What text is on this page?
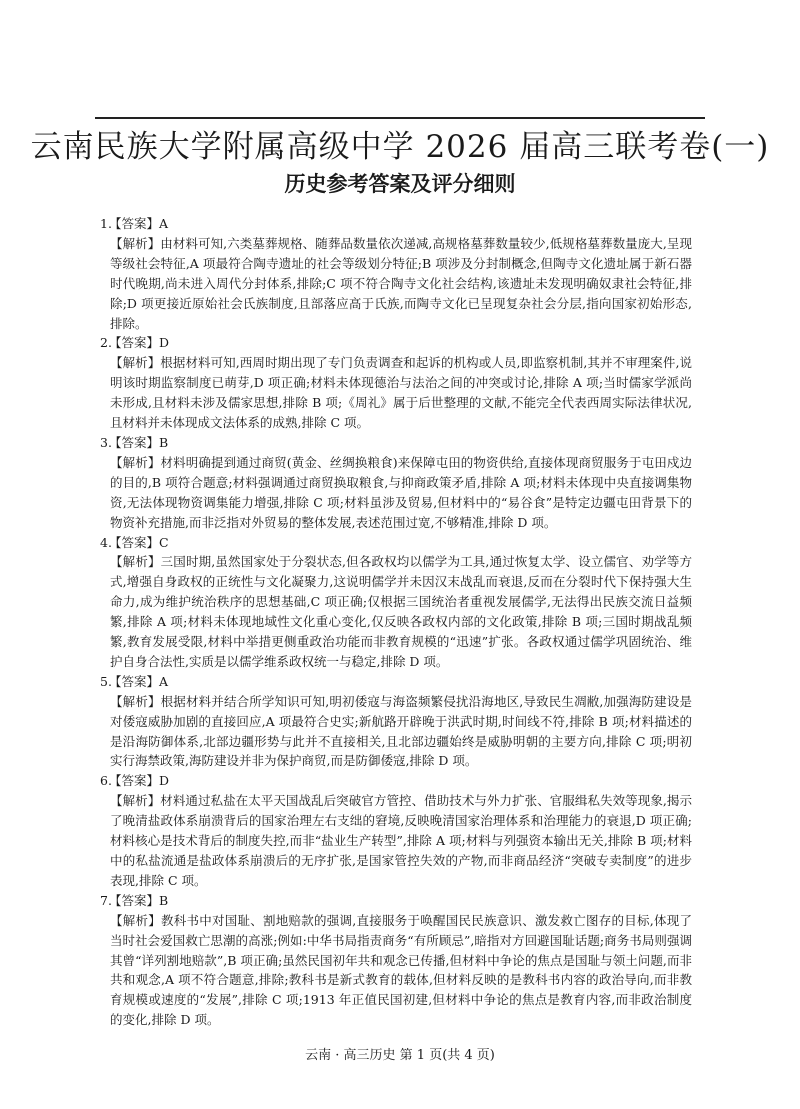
云南民族大学附属高级中学 2026 届高三联考卷(一)
历史参考答案及评分细则

1.【答案】A

【解析】由材料可知,六类墓葬规格、随葬品数量依次递减,高规格墓葬数量较少,低规格墓葬数量庞大,呈现等级社会特征,A 项最符合陶寺遗址的社会等级划分特征;B 项涉及分封制概念,但陶寺文化遗址属于新石器时代晚期,尚未进入周代分封体系,排除;C 项不符合陶寺文化社会结构,该遗址未发现明确奴隶社会特征,排除;D 项更接近原始社会氏族制度,且部落应高于氏族,而陶寺文化已呈现复杂社会分层,指向国家初始形态,排除。

2.【答案】D

【解析】根据材料可知,西周时期出现了专门负责调查和起诉的机构或人员,即监察机制,其并不审理案件,说明该时期监察制度已萌芽,D 项正确;材料未体现德治与法治之间的冲突或讨论,排除 A 项;当时儒家学派尚未形成,且材料未涉及儒家思想,排除 B 项;《周礼》属于后世整理的文献,不能完全代表西周实际法律状况,且材料并未体现成文法体系的成熟,排除 C 项。

3.【答案】B

【解析】材料明确提到通过商贸(黄金、丝绸换粮食)来保障屯田的物资供给,直接体现商贸服务于屯田戍边的目的,B 项符合题意;材料强调通过商贸换取粮食,与抑商政策矛盾,排除 A 项;材料未体现中央直接调集物资,无法体现物资调集能力增强,排除 C 项;材料虽涉及贸易,但材料中的“易谷食”是特定边疆屯田背景下的物资补充措施,而非泛指对外贸易的整体发展,表述范围过宽,不够精准,排除 D 项。

4.【答案】C

【解析】三国时期,虽然国家处于分裂状态,但各政权均以儒学为工具,通过恢复太学、设立儒官、劝学等方式,增强自身政权的正统性与文化凝聚力,这说明儒学并未因汉末战乱而衰退,反而在分裂时代下保持强大生命力,成为维护统治秩序的思想基础,C 项正确;仅根据三国统治者重视发展儒学,无法得出民族交流日益频繁,排除 A 项;材料未体现地域性文化重心变化,仅反映各政权内部的文化政策,排除 B 项;三国时期战乱频繁,教育发展受限,材料中举措更侧重政治功能而非教育规模的“迅速”扩张。各政权通过儒学巩固统治、维护自身合法性,实质是以儒学维系政权统一与稳定,排除 D 项。

5.【答案】A

【解析】根据材料并结合所学知识可知,明初倭寇与海盗频繁侵扰沿海地区,导致民生凋敝,加强海防建设是对倭寇威胁加剧的直接回应,A 项最符合史实;新航路开辟晚于洪武时期,时间线不符,排除 B 项;材料描述的是沿海防御体系,北部边疆形势与此并不直接相关,且北部边疆始终是威胁明朝的主要方向,排除 C 项;明初实行海禁政策,海防建设并非为保护商贸,而是防御倭寇,排除 D 项。

6.【答案】D

【解析】材料通过私盐在太平天国战乱后突破官方管控、借助技术与外力扩张、官服缉私失效等现象,揭示了晚清盐政体系崩溃背后的国家治理左右支绌的窘境,反映晚清国家治理体系和治理能力的衰退,D 项正确;材料核心是技术背后的制度失控,而非“盐业生产转型”,排除 A 项;材料与列强资本输出无关,排除 B 项;材料中的私盐流通是盐政体系崩溃后的无序扩张,是国家管控失效的产物,而非商品经济“突破专卖制度”的进步表现,排除 C 项。

7.【答案】B

【解析】教科书中对国耻、割地赔款的强调,直接服务于唤醒国民民族意识、激发救亡图存的目标,体现了当时社会爱国救亡思潮的高涨;例如:中华书局指责商务“有所顾忌”,暗指对方回避国耻话题;商务书局则强调其曾“详列割地赔款”,B 项正确;虽然民国初年共和观念已传播,但材料中争论的焦点是国耻与领土问题,而非共和观念,A 项不符合题意,排除;教科书是新式教育的载体,但材料反映的是教科书内容的政治导向,而非教育规模或速度的“发展”,排除 C 项;1913 年正值民国初建,但材料中争论的焦点是教育内容,而非政治制度的变化,排除 D 项。

云南 · 高三历史 第 1 页(共 4 页)
